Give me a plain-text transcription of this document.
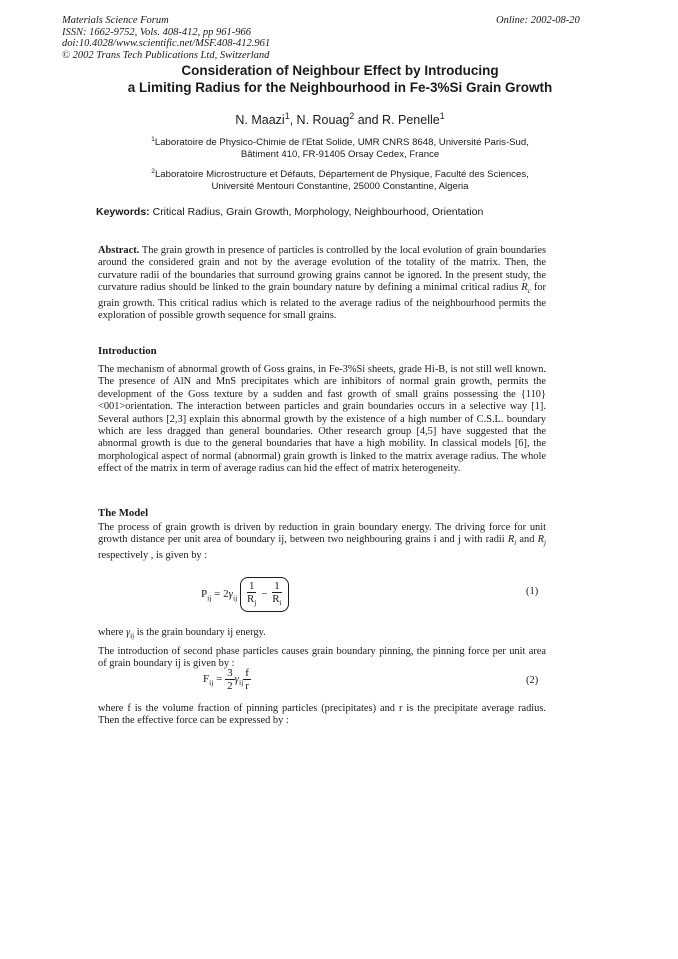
Materials Science Forum
ISSN: 1662-9752, Vols. 408-412, pp 961-966
doi:10.4028/www.scientific.net/MSF.408-412.961
© 2002 Trans Tech Publications Ltd, Switzerland
Online: 2002-08-20
Consideration of Neighbour Effect by Introducing
a Limiting Radius for the Neighbourhood in Fe-3%Si Grain Growth
N. Maazi$^1$, N. Rouag$^2$ and R. Penelle$^1$
$^1$Laboratoire de Physico-Chimie de l'Etat Solide, UMR CNRS 8648, Université Paris-Sud,
Bâtiment 410, FR-91405 Orsay Cedex, France
$^2$Laboratoire Microstructure et Défauts, Département de Physique, Faculté des Sciences,
Université Mentouri Constantine, 25000 Constantine, Algeria
Keywords: Critical Radius, Grain Growth, Morphology, Neighbourhood, Orientation
Abstract. The grain growth in presence of particles is controlled by the local evolution of grain boundaries around the considered grain and not by the average evolution of the totality of the matrix. Then, the curvature radii of the boundaries that surround growing grains cannot be ignored. In the present study, the curvature radius should be linked to the grain boundary nature by defining a minimal critical radius $R_c$ for grain growth. This critical radius which is related to the average radius of the neighbourhood permits the exploration of possible growth sequence for small grains.
Introduction
The mechanism of abnormal growth of Goss grains, in Fe-3%Si sheets, grade Hi-B, is not still well known. The presence of AlN and MnS precipitates which are inhibitors of normal grain growth, permits the development of the Goss texture by a sudden and fast growth of small grains possessing the {110}<001>orientation. The interaction between particles and grain boundaries occurs in a selective way [1]. Several authors [2,3] explain this abnormal growth by the existence of a high number of C.S.L. boundary which are less dragged than general boundaries. Other research group [4,5] have suggested that the abnormal growth is due to the general boundaries that have a high mobility. In classical models [6], the morphological aspect of normal (abnormal) grain growth is linked to the matrix average radius. The whole effect of the matrix in term of average radius can hid the effect of matrix heterogeneity.
The Model
The process of grain growth is driven by reduction in grain boundary energy. The driving force for unit growth distance per unit area of boundary ij, between two neighbouring grains i and j with radii $R_i$ and $R_j$ respectively , is given by :
$P_{ij} = 2\gamma_{ij} \frac{1}{R_j} - \frac{1}{R_i}$	(1)
where $\gamma_{ij}$ is the grain boundary ij energy.
The introduction of second phase particles causes grain boundary pinning, the pinning force per unit area of grain boundary ij is given by :
$F_{ij} = \frac{3}{2} \gamma_{ij} \frac{f}{r}$	(2)
where f is the volume fraction of pinning particles (precipitates) and r is the precipitate average radius. Then the effective force can be expressed by :
